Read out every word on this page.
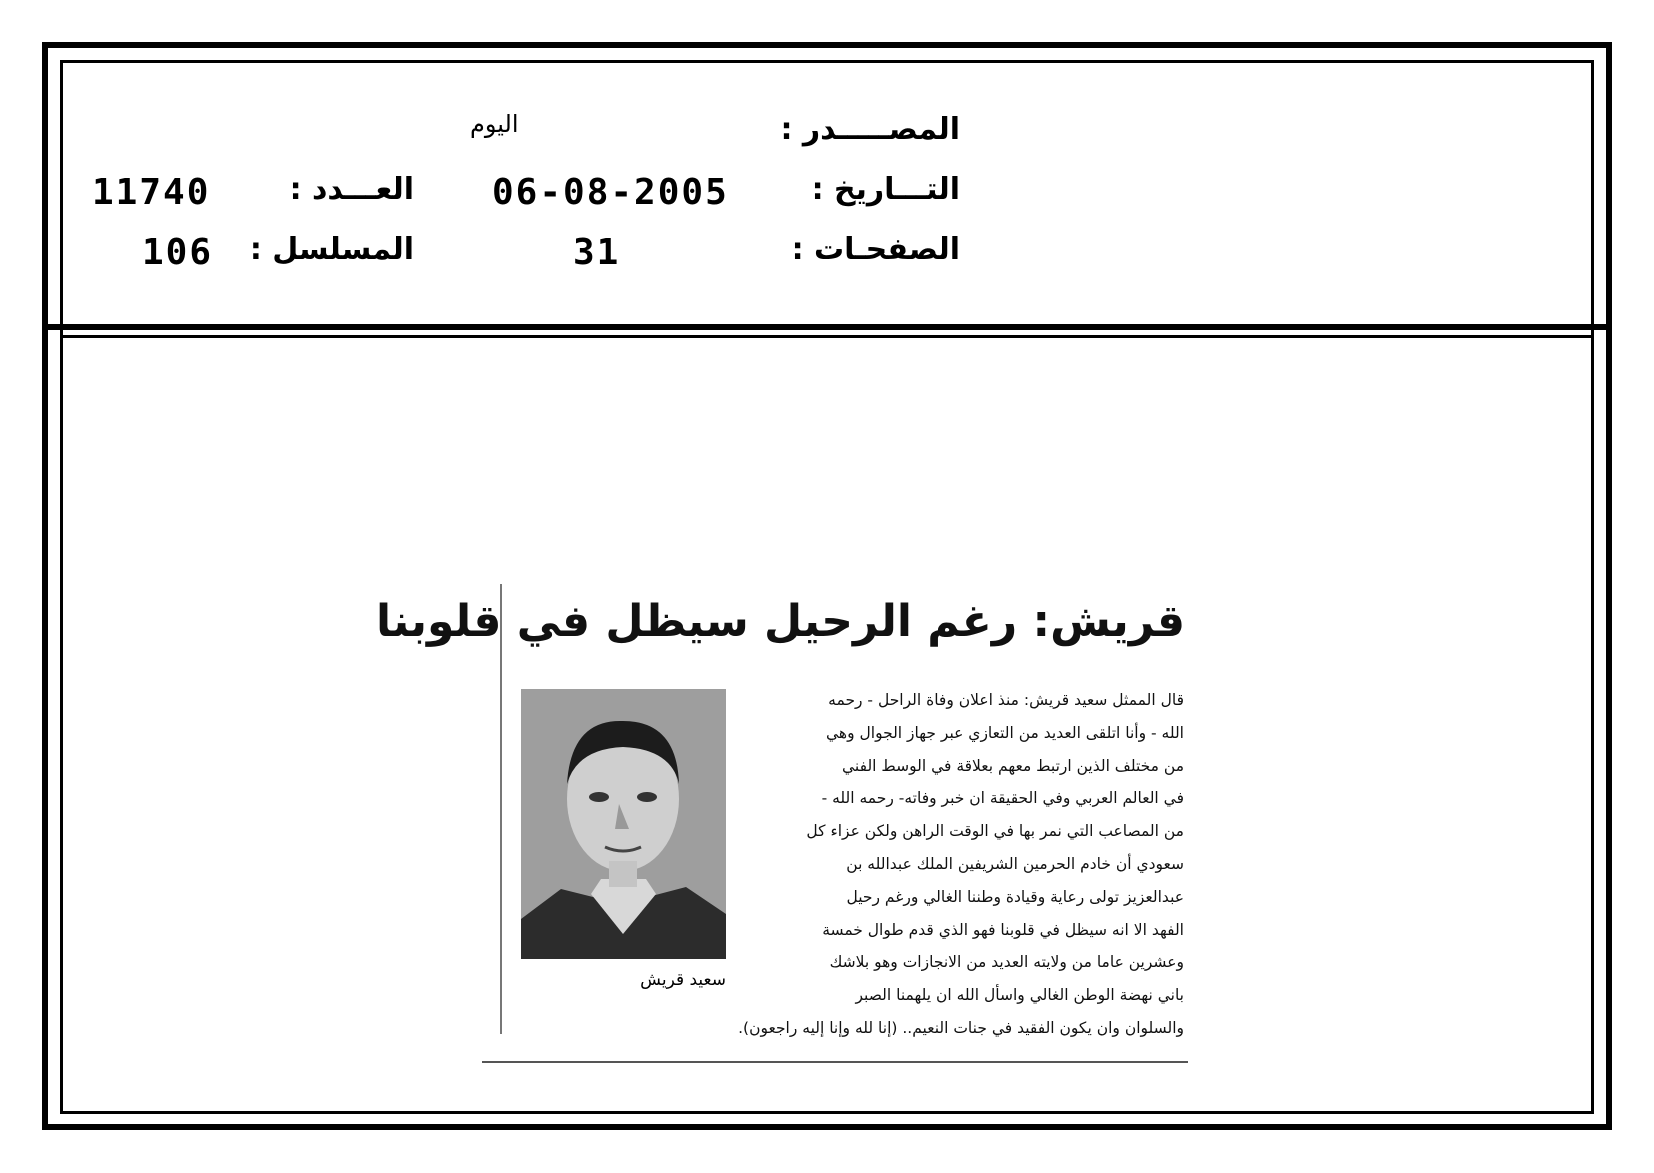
المصـــــدر :
اليوم
التـــاريخ :
06-08-2005
العـــدد :
11740
الصفحـات :
31
المسلسل :
106
قريش: رغم الرحيل سيظل في قلوبنا
سعيد قريش
قال الممثل سعيد قريش: منذ اعلان وفاة الراحل - رحمه
الله - وأنا اتلقى العديد من التعازي عبر جهاز الجوال وهي
من مختلف الذين ارتبط معهم بعلاقة في الوسط الفني
في العالم العربي وفي الحقيقة ان خبر وفاته- رحمه الله -
من المصاعب التي نمر بها في الوقت الراهن ولكن عزاء كل
سعودي أن خادم الحرمين الشريفين الملك عبدالله بن
عبدالعزيز تولى رعاية وقيادة وطننا الغالي ورغم رحيل
الفهد الا انه سيظل في قلوبنا فهو الذي قدم طوال خمسة
وعشرين عاما من ولايته العديد من الانجازات وهو بلاشك
باني نهضة الوطن الغالي واسأل الله ان يلهمنا الصبر
والسلوان وان يكون الفقيد في جنات النعيم.. (إنا لله وإنا إليه راجعون).
